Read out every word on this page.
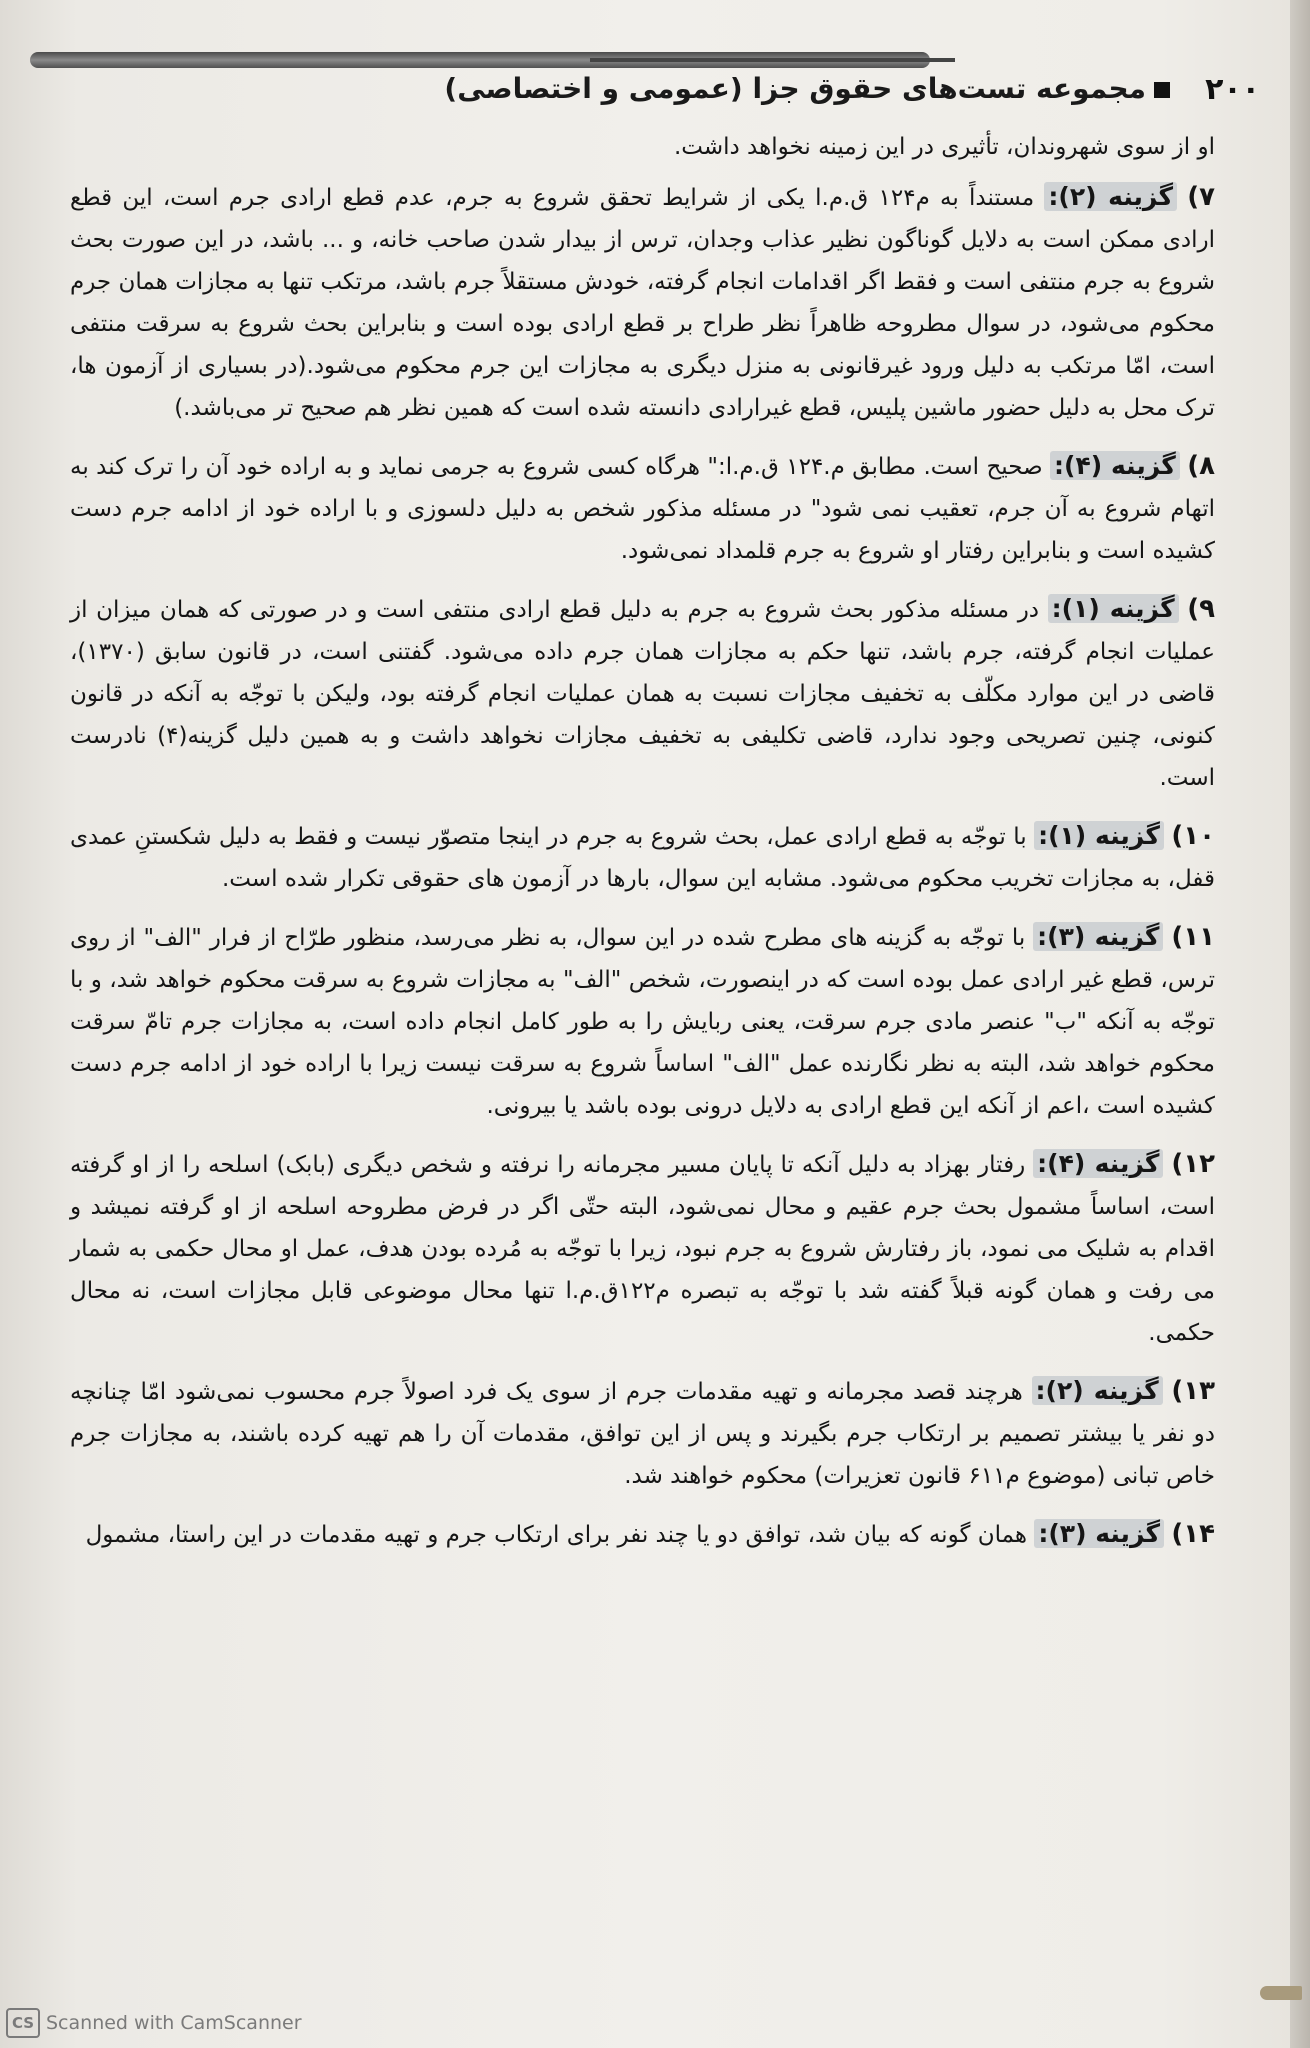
۲۰۰
مجموعه تست‌های حقوق جزا (عمومی و اختصاصی)

او از سوی شهروندان، تأثیری در این زمینه نخواهد داشت.

۷) گزینه (۲): مستنداً به م۱۲۴ ق.م.ا یکی از شرایط تحقق شروع به جرم، عدم قطع ارادی جرم است، این قطع ارادی ممکن است به دلایل گوناگون نظیر عذاب وجدان، ترس از بیدار شدن صاحب خانه، و ... باشد، در این صورت بحث شروع به جرم منتفی است و فقط اگر اقدامات انجام گرفته، خودش مستقلاً جرم باشد، مرتکب تنها به مجازات همان جرم محکوم می‌شود، در سوال مطروحه ظاهراً نظر طراح بر قطع ارادی بوده است و بنابراین بحث شروع به سرقت منتفی است، امّا مرتکب به دلیل ورود غیرقانونی به منزل دیگری به مجازات این جرم محکوم می‌شود.(در بسیاری از آزمون ها، ترک محل به دلیل حضور ماشین پلیس، قطع غیرارادی دانسته شده است که همین نظر هم صحیح تر می‌باشد.)

۸) گزینه (۴): صحیح است. مطابق م.۱۲۴ ق.م.ا:" هرگاه کسی شروع به جرمی نماید و به اراده خود آن را ترک کند به اتهام شروع به آن جرم، تعقیب نمی شود" در مسئله مذکور شخص به دلیل دلسوزی و با اراده خود از ادامه جرم دست کشیده است و بنابراین رفتار او شروع به جرم قلمداد نمی‌شود.

۹) گزینه (۱): در مسئله مذکور بحث شروع به جرم به دلیل قطع ارادی منتفی است و در صورتی که همان میزان از عملیات انجام گرفته، جرم باشد، تنها حکم به مجازات همان جرم داده می‌شود. گفتنی است، در قانون سابق (۱۳۷۰)، قاضی در این موارد مکلّف به تخفیف مجازات نسبت به همان عملیات انجام گرفته بود، ولیکن با توجّه به آنکه در قانون کنونی، چنین تصریحی وجود ندارد، قاضی تکلیفی به تخفیف مجازات نخواهد داشت و به همین دلیل گزینه(۴) نادرست است.

۱۰) گزینه (۱): با توجّه به قطع ارادی عمل، بحث شروع به جرم در اینجا متصوّر نیست و فقط به دلیل شکستنِ عمدی قفل، به مجازات تخریب محکوم می‌شود. مشابه این سوال، بارها در آزمون های حقوقی تکرار شده است.

۱۱) گزینه (۳): با توجّه به گزینه های مطرح شده در این سوال، به نظر می‌رسد، منظور طرّاح از فرار "الف" از روی ترس، قطع غیر ارادی عمل بوده است که در اینصورت، شخص "الف" به مجازات شروع به سرقت محکوم خواهد شد، و با توجّه به آنکه "ب" عنصر مادی جرم سرقت، یعنی ربایش را به طور کامل انجام داده است، به مجازات جرم تامّ سرقت محکوم خواهد شد، البته به نظر نگارنده عمل "الف" اساساً شروع به سرقت نیست زیرا با اراده خود از ادامه جرم دست کشیده است ،اعم از آنکه این قطع ارادی به دلایل درونی بوده باشد یا بیرونی.

۱۲) گزینه (۴): رفتار بهزاد به دلیل آنکه تا پایان مسیر مجرمانه را نرفته و شخص دیگری (بابک) اسلحه را از او گرفته است، اساساً مشمول بحث جرم عقیم و محال نمی‌شود، البته حتّی اگر در فرض مطروحه اسلحه از او گرفته نمیشد و اقدام به شلیک می نمود، باز رفتارش شروع به جرم نبود، زیرا با توجّه به مُرده بودن هدف، عمل او محال حکمی به شمار می رفت و همان گونه قبلاً گفته شد با توجّه به تبصره م۱۲۲ق.م.ا تنها محال موضوعی قابل مجازات است، نه محال حکمی.

۱۳) گزینه (۲): هرچند قصد مجرمانه و تهیه مقدمات جرم از سوی یک فرد اصولاً جرم محسوب نمی‌شود امّا چنانچه دو نفر یا بیشتر تصمیم بر ارتکاب جرم بگیرند و پس از این توافق، مقدمات آن را هم تهیه کرده باشند، به مجازات جرم خاص تبانی (موضوع م۶۱۱ قانون تعزیرات) محکوم خواهند شد.

۱۴) گزینه (۳): همان گونه که بیان شد، توافق دو یا چند نفر برای ارتکاب جرم و تهیه مقدمات در این راستا، مشمول

CS Scanned with CamScanner
